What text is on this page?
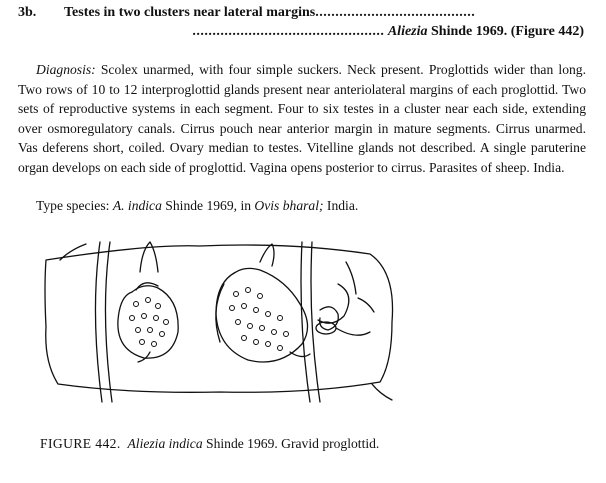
3b. Testes in two clusters near lateral margins........................................
................................................ Aliezia Shinde 1969. (Figure 442)

Diagnosis: Scolex unarmed, with four simple suckers. Neck present. Proglottids wider than long. Two rows of 10 to 12 interproglottid glands present near anteriolateral margins of each proglottid. Two sets of reproductive systems in each segment. Four to six testes in a cluster near each side, extending over osmoregulatory canals. Cirrus pouch near anterior margin in mature segments. Cirrus unarmed. Vas deferens short, coiled. Ovary median to testes. Vitelline glands not described. A single paruterine organ develops on each side of proglottid. Vagina opens posterior to cirrus. Parasites of sheep. India.

Type species: A. indica Shinde 1969, in Ovis bharal; India.

FIGURE 442. Aliezia indica Shinde 1969. Gravid proglottid.
